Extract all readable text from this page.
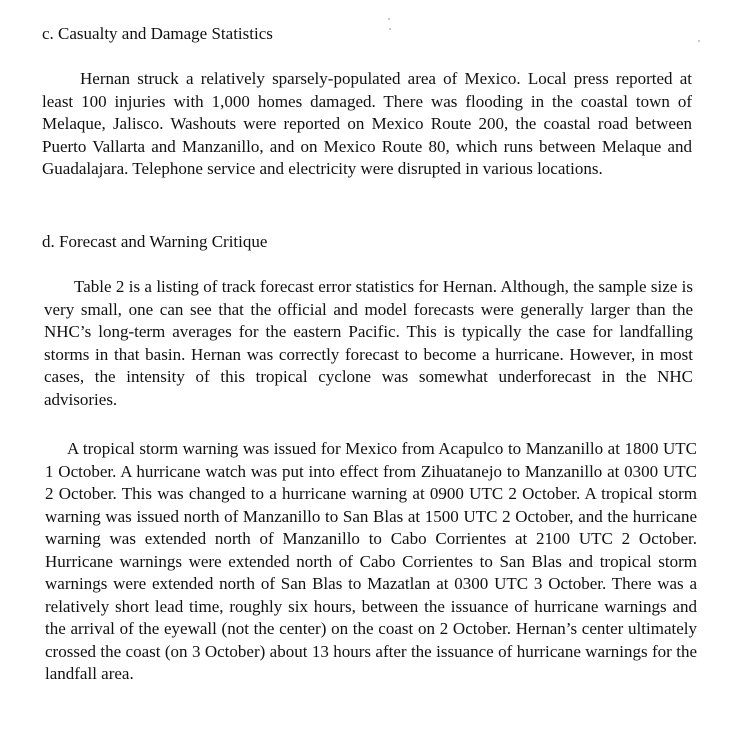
c. Casualty and Damage Statistics

Hernan struck a relatively sparsely-populated area of Mexico. Local press reported at least 100 injuries with 1,000 homes damaged. There was flooding in the coastal town of Melaque, Jalisco. Washouts were reported on Mexico Route 200, the coastal road between Puerto Vallarta and Manzanillo, and on Mexico Route 80, which runs between Melaque and Guadalajara. Telephone service and electricity were disrupted in various locations.

d. Forecast and Warning Critique

Table 2 is a listing of track forecast error statistics for Hernan. Although, the sample size is very small, one can see that the official and model forecasts were generally larger than the NHC’s long-term averages for the eastern Pacific. This is typically the case for landfalling storms in that basin. Hernan was correctly forecast to become a hurricane. However, in most cases, the intensity of this tropical cyclone was somewhat underforecast in the NHC advisories.

A tropical storm warning was issued for Mexico from Acapulco to Manzanillo at 1800 UTC 1 October. A hurricane watch was put into effect from Zihuatanejo to Manzanillo at 0300 UTC 2 October. This was changed to a hurricane warning at 0900 UTC 2 October. A tropical storm warning was issued north of Manzanillo to San Blas at 1500 UTC 2 October, and the hurricane warning was extended north of Manzanillo to Cabo Corrientes at 2100 UTC 2 October. Hurricane warnings were extended north of Cabo Corrientes to San Blas and tropical storm warnings were extended north of San Blas to Mazatlan at 0300 UTC 3 October. There was a relatively short lead time, roughly six hours, between the issuance of hurricane warnings and the arrival of the eyewall (not the center) on the coast on 2 October. Hernan’s center ultimately crossed the coast (on 3 October) about 13 hours after the issuance of hurricane warnings for the landfall area.
